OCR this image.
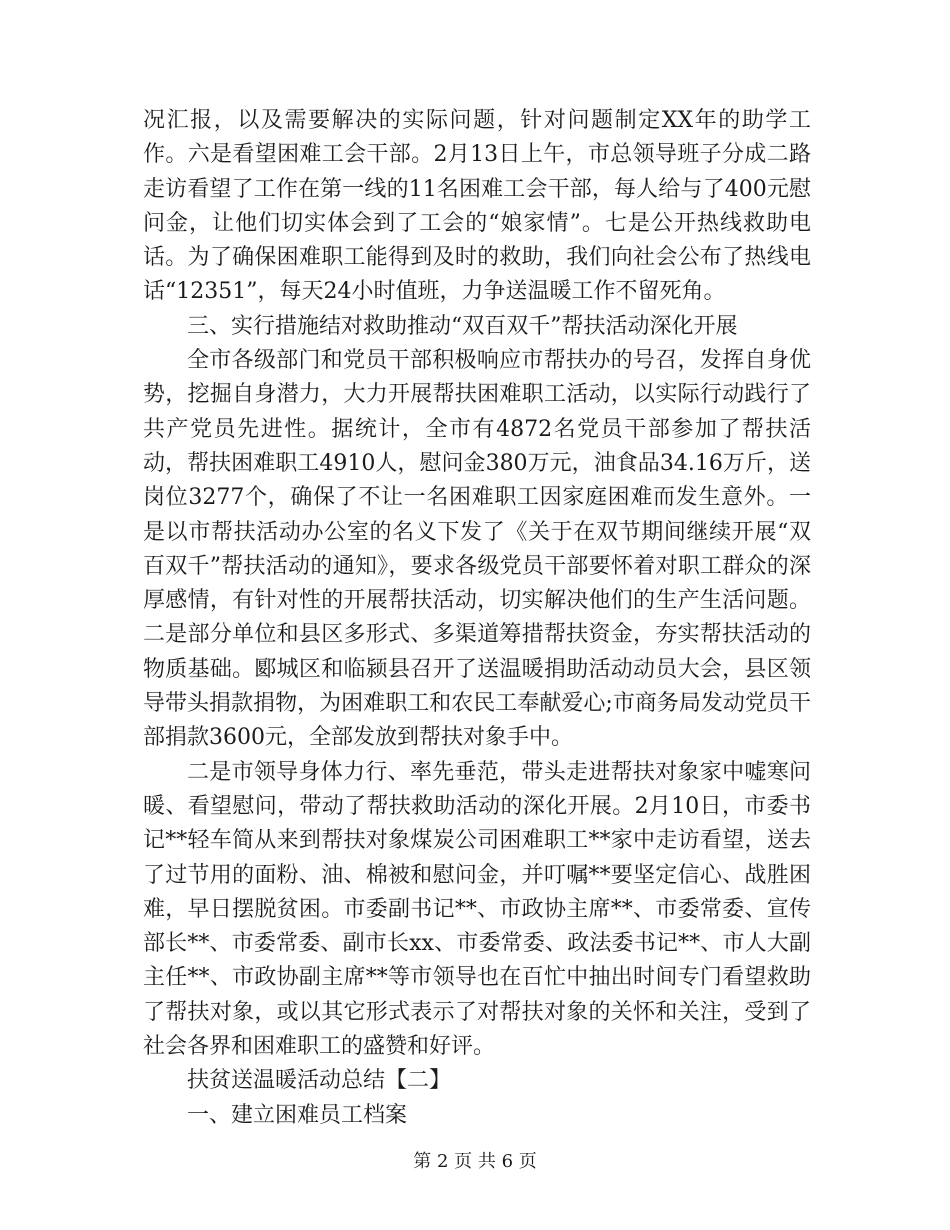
况汇报，以及需要解决的实际问题，针对问题制定XX年的助学工作。六是看望困难工会干部。2月13日上午，市总领导班子分成二路走访看望了工作在第一线的11名困难工会干部，每人给与了400元慰问金，让他们切实体会到了工会的“娘家情”。七是公开热线救助电话。为了确保困难职工能得到及时的救助，我们向社会公布了热线电话“12351”，每天24小时值班，力争送温暖工作不留死角。

三、实行措施结对救助推动“双百双千”帮扶活动深化开展

全市各级部门和党员干部积极响应市帮扶办的号召，发挥自身优势，挖掘自身潜力，大力开展帮扶困难职工活动，以实际行动践行了共产党员先进性。据统计，全市有4872名党员干部参加了帮扶活动，帮扶困难职工4910人，慰问金380万元，油食品34.16万斤，送岗位3277个，确保了不让一名困难职工因家庭困难而发生意外。一是以市帮扶活动办公室的名义下发了《关于在双节期间继续开展“双百双千”帮扶活动的通知》，要求各级党员干部要怀着对职工群众的深厚感情，有针对性的开展帮扶活动，切实解决他们的生产生活问题。二是部分单位和县区多形式、多渠道筹措帮扶资金，夯实帮扶活动的物质基础。郾城区和临颍县召开了送温暖捐助活动动员大会，县区领导带头捐款捐物，为困难职工和农民工奉献爱心;市商务局发动党员干部捐款3600元，全部发放到帮扶对象手中。

二是市领导身体力行、率先垂范，带头走进帮扶对象家中嘘寒问暖、看望慰问，带动了帮扶救助活动的深化开展。2月10日，市委书记**轻车简从来到帮扶对象煤炭公司困难职工**家中走访看望，送去了过节用的面粉、油、棉被和慰问金，并叮嘱**要坚定信心、战胜困难，早日摆脱贫困。市委副书记**、市政协主席**、市委常委、宣传部长**、市委常委、副市长xx、市委常委、政法委书记**、市人大副主任**、市政协副主席**等市领导也在百忙中抽出时间专门看望救助了帮扶对象，或以其它形式表示了对帮扶对象的关怀和关注，受到了社会各界和困难职工的盛赞和好评。

扶贫送温暖活动总结【二】

一、建立困难员工档案

第 2 页 共 6 页
